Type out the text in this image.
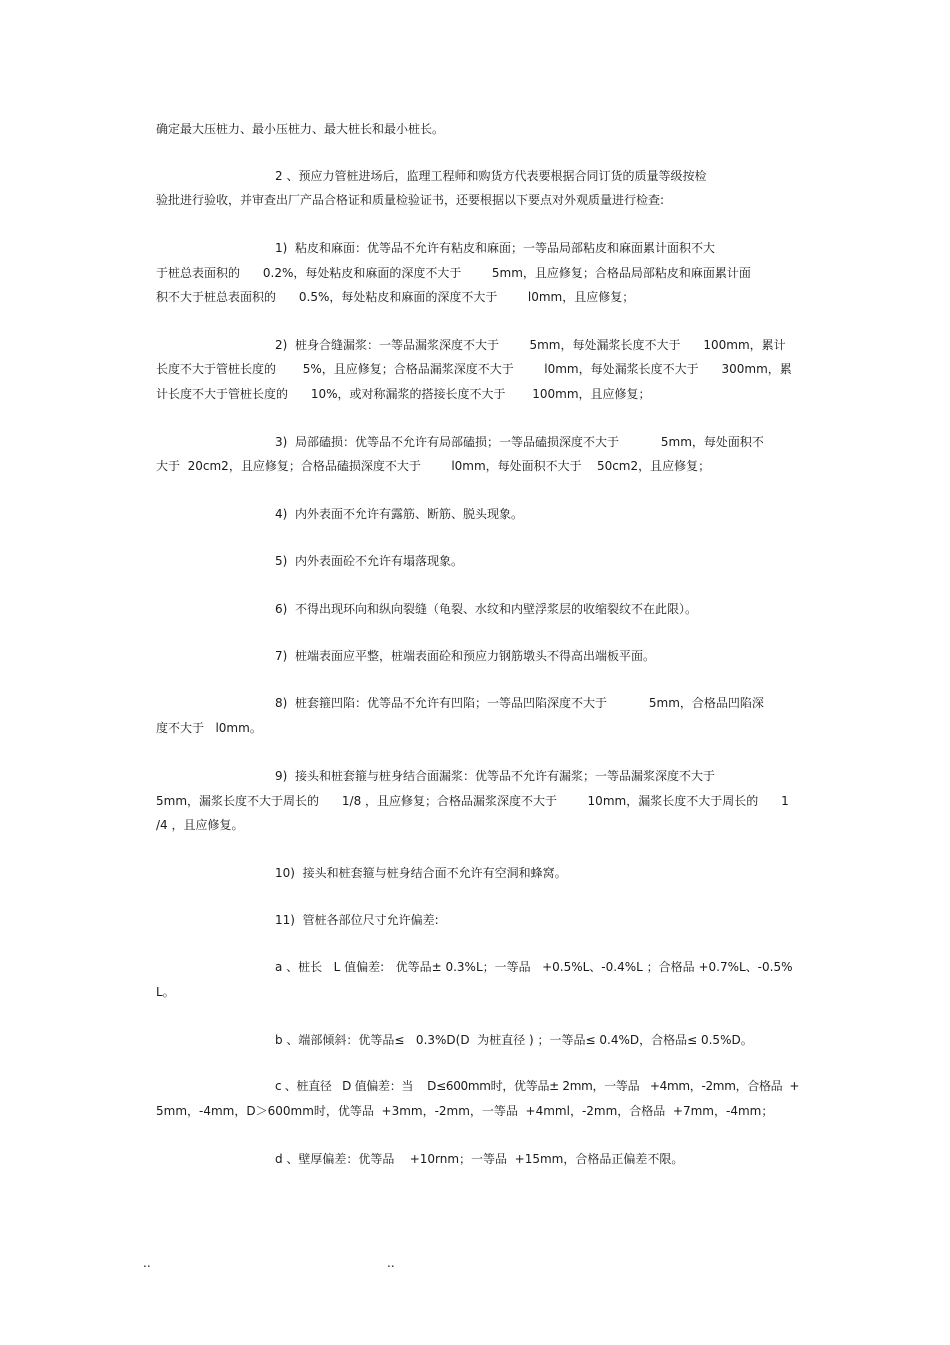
确定最大压桩力、最小压桩力、最大桩长和最小桩长。
2 、预应力管桩进场后，监理工程师和购货方代表要根据合同订货的质量等级按检
验批进行验收，并审查出厂产品合格证和质量检验证书，还要根据以下要点对外观质量进行检查:
1)  粘皮和麻面：优等品不允许有粘皮和麻面；一等品局部粘皮和麻面累计面积不大
于桩总表面积的      0.2%，每处粘皮和麻面的深度不大于        5mm，且应修复；合格品局部粘皮和麻面累计面
积不大于桩总表面积的      0.5%，每处粘皮和麻面的深度不大于        l0mm，且应修复；
2)  桩身合缝漏浆：一等品漏浆深度不大于        5mm，每处漏浆长度不大于      100mm，累计
长度不大于管桩长度的       5%，且应修复；合格品漏浆深度不大于        l0mm，每处漏浆长度不大于      300mm，累
计长度不大于管桩长度的      10%，或对称漏浆的搭接长度不大于       100mm，且应修复；
3)  局部磕损：优等品不允许有局部磕损；一等品磕损深度不大于           5mm，每处面积不
大于  20cm2，且应修复；合格品磕损深度不大于        l0mm，每处面积不大于    50cm2，且应修复；
4)  内外表面不允许有露筋、断筋、脱头现象。
5)  内外表面砼不允许有塌落现象。
6)  不得出现环向和纵向裂缝（龟裂、水纹和内壁浮浆层的收缩裂纹不在此限）。
7)  桩端表面应平整，桩端表面砼和预应力钢筋墩头不得高出端板平面。
8)  桩套箍凹陷：优等品不允许有凹陷；一等品凹陷深度不大于           5mm，合格品凹陷深
度不大于   l0mm。
9)  接头和桩套箍与桩身结合面漏浆：优等品不允许有漏浆；一等品漏浆深度不大于
5mm，漏浆长度不大于周长的      1/8 ，且应修复；合格品漏浆深度不大于        10mm，漏浆长度不大于周长的      1
/4 ，且应修复。
10)  接头和桩套箍与桩身结合面不允许有空洞和蜂窝。
11)  管桩各部位尺寸允许偏差:
a 、桩长   L 值偏差:   优等品± 0.3%L；一等品   +0.5%L、-0.4%L ；合格品 +0.7%L、-0.5%
L。
b 、端部倾斜：优等品≤   0.3%D(D  为桩直径 ) ；一等品≤ 0.4%D，合格品≤ 0.5%D。
c 、桩直径   D 值偏差：当    D≤600mm时，优等品± 2mm，一等品   +4mm，-2mm，合格品  +
5mm，-4mm，D＞600mm时，优等品  +3mm，-2mm，一等品  +4mml，-2mm，合格品  +7mm，-4mm；
d 、壁厚偏差：优等品    +10rnm；一等品  +15mm，合格品正偏差不限。
..	..
